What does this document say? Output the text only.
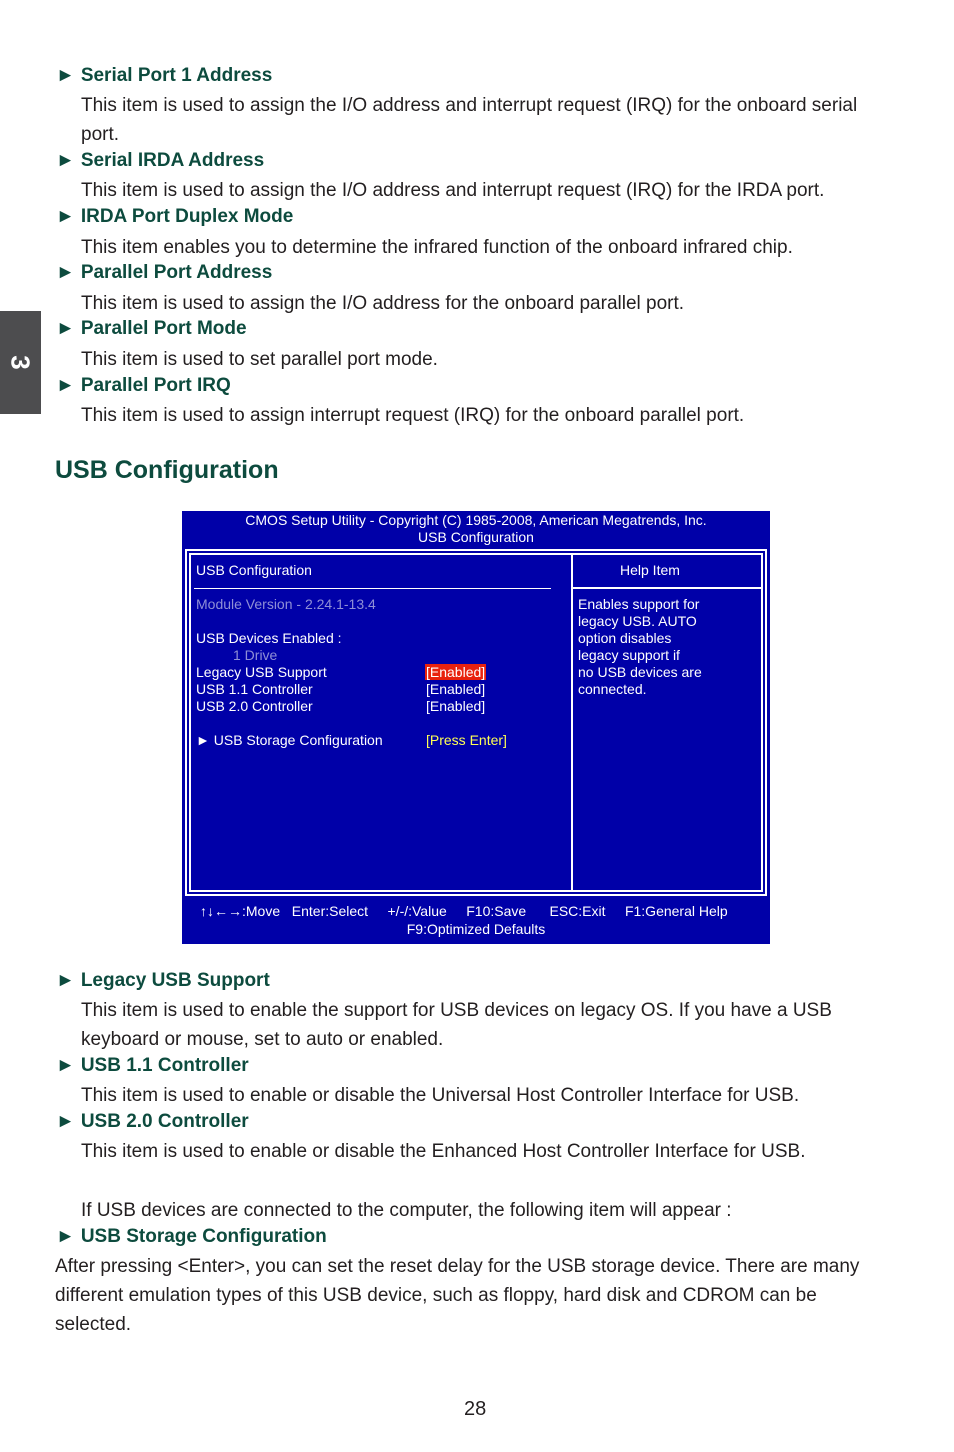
3
► Serial Port 1 Address
This item is used to assign the I/O address and interrupt request (IRQ) for the onboard serial
port.
► Serial IRDA Address
This item is used to assign the I/O address and interrupt request (IRQ) for the IRDA port.
► IRDA Port Duplex Mode
This item enables you to determine the infrared function of the onboard infrared chip.
► Parallel Port Address
This item is used to assign the I/O address for the onboard parallel port.
► Parallel Port Mode
This item is used to set parallel port mode.
► Parallel Port IRQ
This item is used to assign interrupt request (IRQ) for the onboard parallel port.
USB Configuration
CMOS Setup Utility - Copyright (C) 1985-2008, American Megatrends, Inc.
USB Configuration
USB Configuration	Help Item
Module Version - 2.24.1-13.4
USB Devices Enabled :
1 Drive
Legacy USB Support	[Enabled]
USB 1.1 Controller	[Enabled]
USB 2.0 Controller	[Enabled]
► USB Storage Configuration	[Press Enter]
Enables support for
legacy USB. AUTO
option disables
legacy support if
no USB devices are
connected.
↑↓←→:Move   Enter:Select     +/-/:Value     F10:Save      ESC:Exit     F1:General Help
F9:Optimized Defaults
► Legacy USB Support
This item is used to enable the support for USB devices on legacy OS. If you have a USB
keyboard or mouse, set to auto or enabled.
► USB 1.1 Controller
This item is used to enable or disable the Universal Host Controller Interface for USB.
► USB 2.0 Controller
This item is used to enable or disable the Enhanced Host Controller Interface for USB.
If USB devices are connected to the computer, the following item will appear :
► USB Storage Configuration
After pressing <Enter>, you can set the reset delay for the USB storage device. There are many
different emulation types of this USB device, such as floppy, hard disk and CDROM can be
selected.
28
